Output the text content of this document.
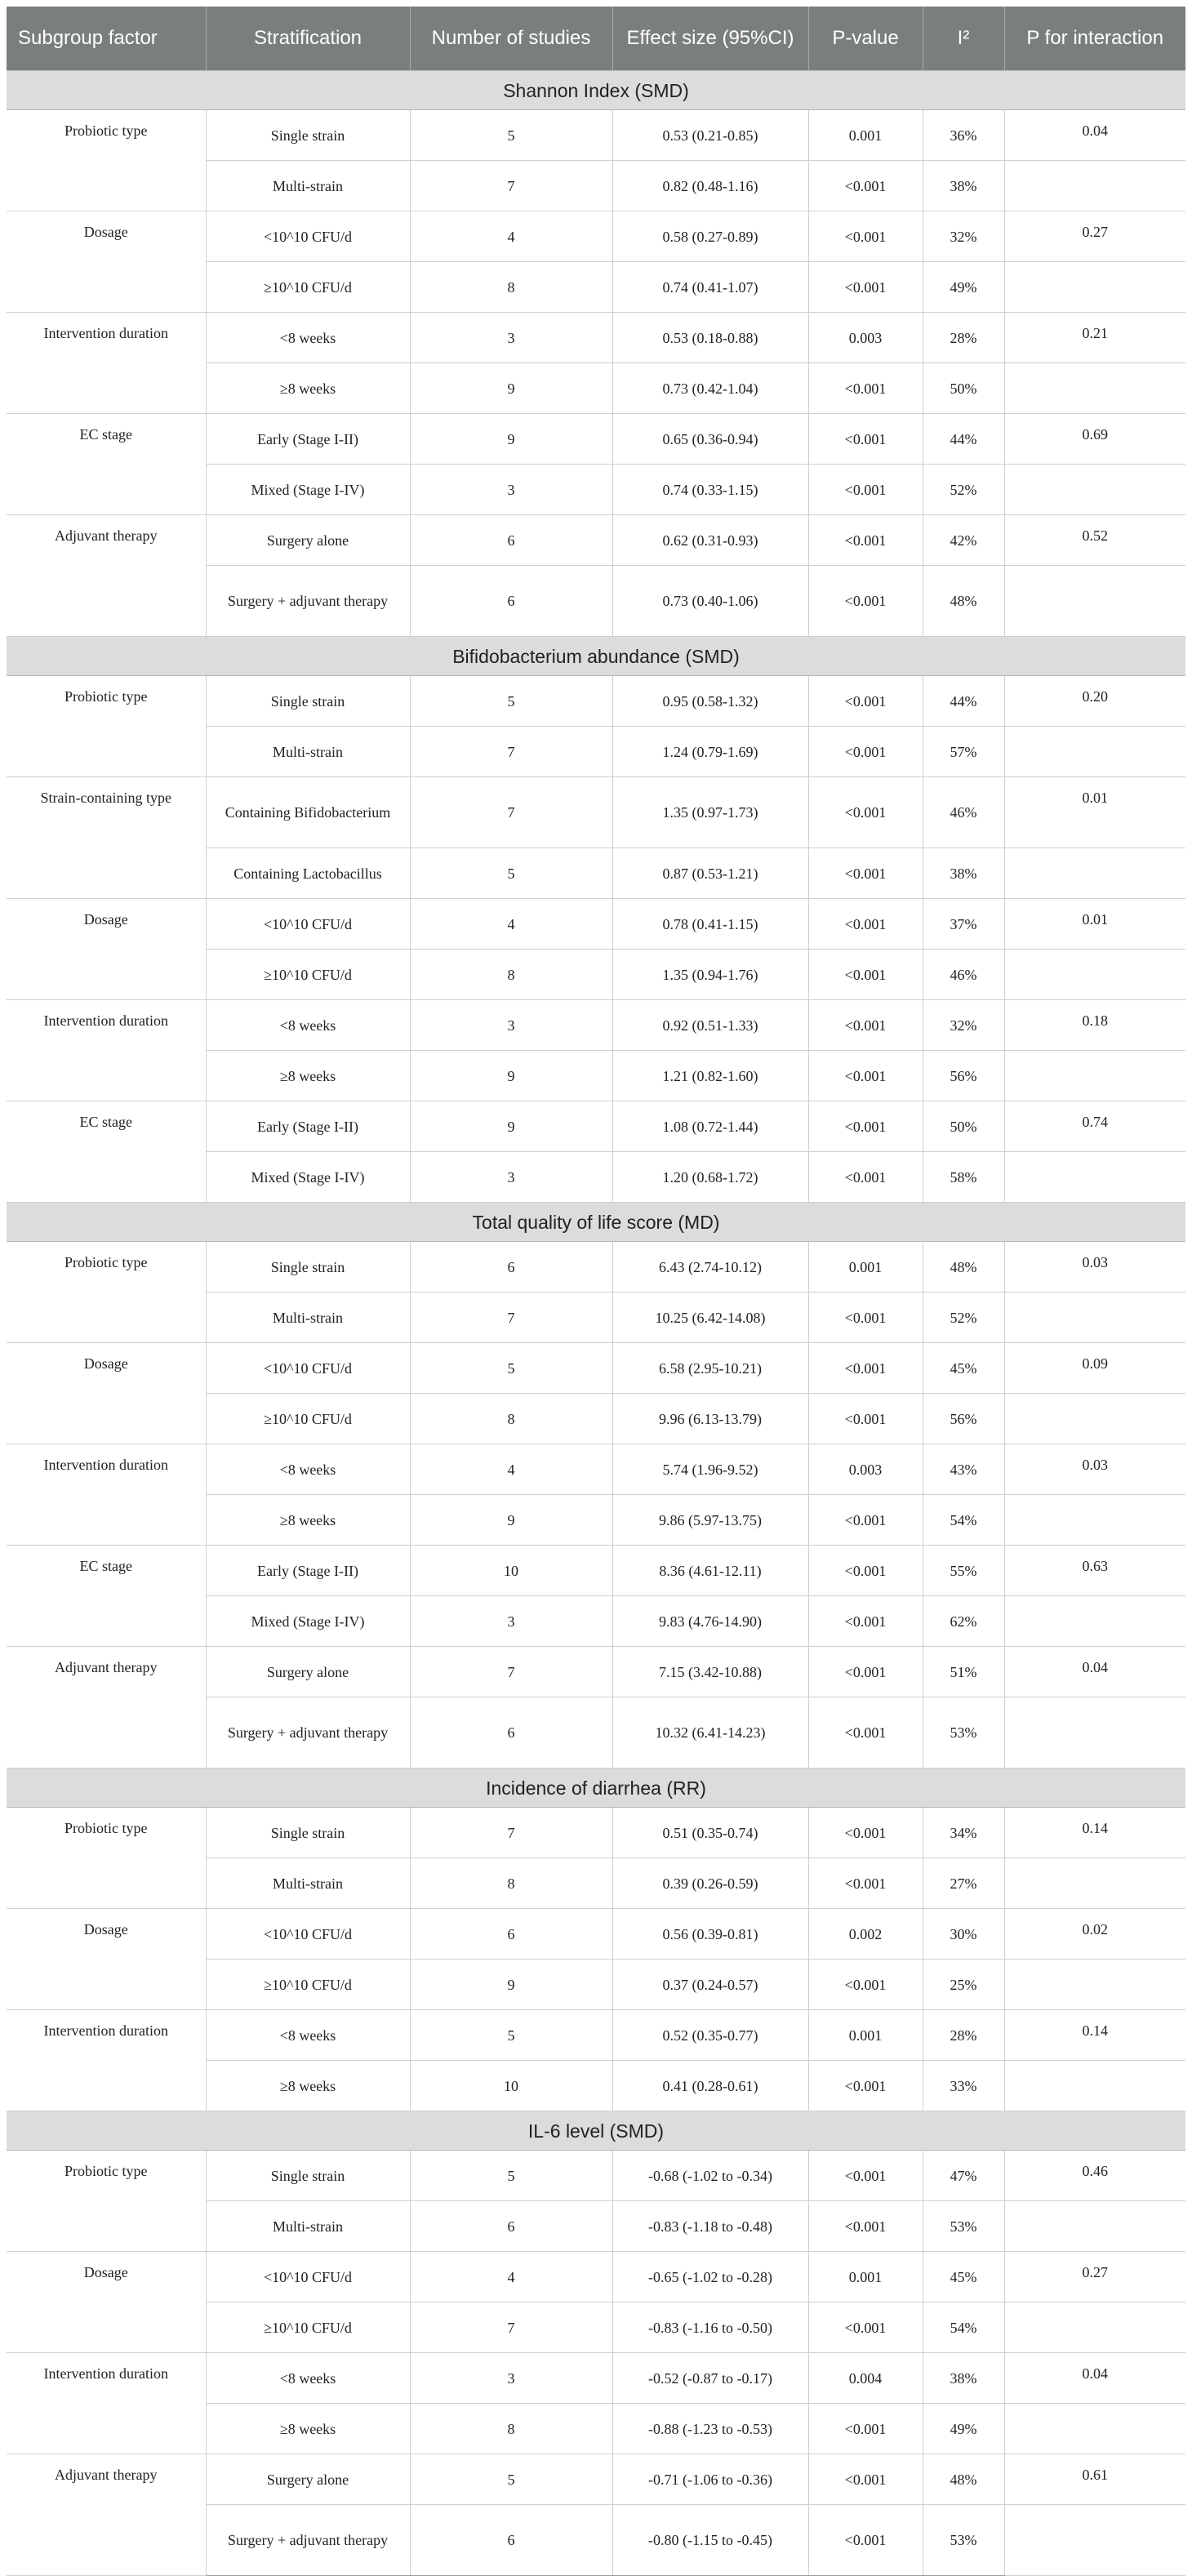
Subgroup factor	Stratification	Number of studies	Effect size (95%CI)	P-value	I²	P for interaction
Shannon Index (SMD)						
Probiotic type	Single strain	5	0.53 (0.21-0.85)	0.001	36%	0.04
	Multi-strain	7	0.82 (0.48-1.16)	<0.001	38%	
Dosage	<10^10 CFU/d	4	0.58 (0.27-0.89)	<0.001	32%	0.27
	≥10^10 CFU/d	8	0.74 (0.41-1.07)	<0.001	49%	
Intervention duration	<8 weeks	3	0.53 (0.18-0.88)	0.003	28%	0.21
	≥8 weeks	9	0.73 (0.42-1.04)	<0.001	50%	
EC stage	Early (Stage I-II)	9	0.65 (0.36-0.94)	<0.001	44%	0.69
	Mixed (Stage I-IV)	3	0.74 (0.33-1.15)	<0.001	52%	
Adjuvant therapy	Surgery alone	6	0.62 (0.31-0.93)	<0.001	42%	0.52
	Surgery + adjuvant therapy	6	0.73 (0.40-1.06)	<0.001	48%	
Bifidobacterium abundance (SMD)						
Probiotic type	Single strain	5	0.95 (0.58-1.32)	<0.001	44%	0.20
	Multi-strain	7	1.24 (0.79-1.69)	<0.001	57%	
Strain-containing type	Containing Bifidobacterium	7	1.35 (0.97-1.73)	<0.001	46%	0.01
	Containing Lactobacillus	5	0.87 (0.53-1.21)	<0.001	38%	
Dosage	<10^10 CFU/d	4	0.78 (0.41-1.15)	<0.001	37%	0.01
	≥10^10 CFU/d	8	1.35 (0.94-1.76)	<0.001	46%	
Intervention duration	<8 weeks	3	0.92 (0.51-1.33)	<0.001	32%	0.18
	≥8 weeks	9	1.21 (0.82-1.60)	<0.001	56%	
EC stage	Early (Stage I-II)	9	1.08 (0.72-1.44)	<0.001	50%	0.74
	Mixed (Stage I-IV)	3	1.20 (0.68-1.72)	<0.001	58%	
Total quality of life score (MD)						
Probiotic type	Single strain	6	6.43 (2.74-10.12)	0.001	48%	0.03
	Multi-strain	7	10.25 (6.42-14.08)	<0.001	52%	
Dosage	<10^10 CFU/d	5	6.58 (2.95-10.21)	<0.001	45%	0.09
	≥10^10 CFU/d	8	9.96 (6.13-13.79)	<0.001	56%	
Intervention duration	<8 weeks	4	5.74 (1.96-9.52)	0.003	43%	0.03
	≥8 weeks	9	9.86 (5.97-13.75)	<0.001	54%	
EC stage	Early (Stage I-II)	10	8.36 (4.61-12.11)	<0.001	55%	0.63
	Mixed (Stage I-IV)	3	9.83 (4.76-14.90)	<0.001	62%	
Adjuvant therapy	Surgery alone	7	7.15 (3.42-10.88)	<0.001	51%	0.04
	Surgery + adjuvant therapy	6	10.32 (6.41-14.23)	<0.001	53%	
Incidence of diarrhea (RR)						
Probiotic type	Single strain	7	0.51 (0.35-0.74)	<0.001	34%	0.14
	Multi-strain	8	0.39 (0.26-0.59)	<0.001	27%	
Dosage	<10^10 CFU/d	6	0.56 (0.39-0.81)	0.002	30%	0.02
	≥10^10 CFU/d	9	0.37 (0.24-0.57)	<0.001	25%	
Intervention duration	<8 weeks	5	0.52 (0.35-0.77)	0.001	28%	0.14
	≥8 weeks	10	0.41 (0.28-0.61)	<0.001	33%	
IL-6 level (SMD)						
Probiotic type	Single strain	5	-0.68 (-1.02 to -0.34)	<0.001	47%	0.46
	Multi-strain	6	-0.83 (-1.18 to -0.48)	<0.001	53%	
Dosage	<10^10 CFU/d	4	-0.65 (-1.02 to -0.28)	0.001	45%	0.27
	≥10^10 CFU/d	7	-0.83 (-1.16 to -0.50)	<0.001	54%	
Intervention duration	<8 weeks	3	-0.52 (-0.87 to -0.17)	0.004	38%	0.04
	≥8 weeks	8	-0.88 (-1.23 to -0.53)	<0.001	49%	
Adjuvant therapy	Surgery alone	5	-0.71 (-1.06 to -0.36)	<0.001	48%	0.61
	Surgery + adjuvant therapy	6	-0.80 (-1.15 to -0.45)	<0.001	53%	
